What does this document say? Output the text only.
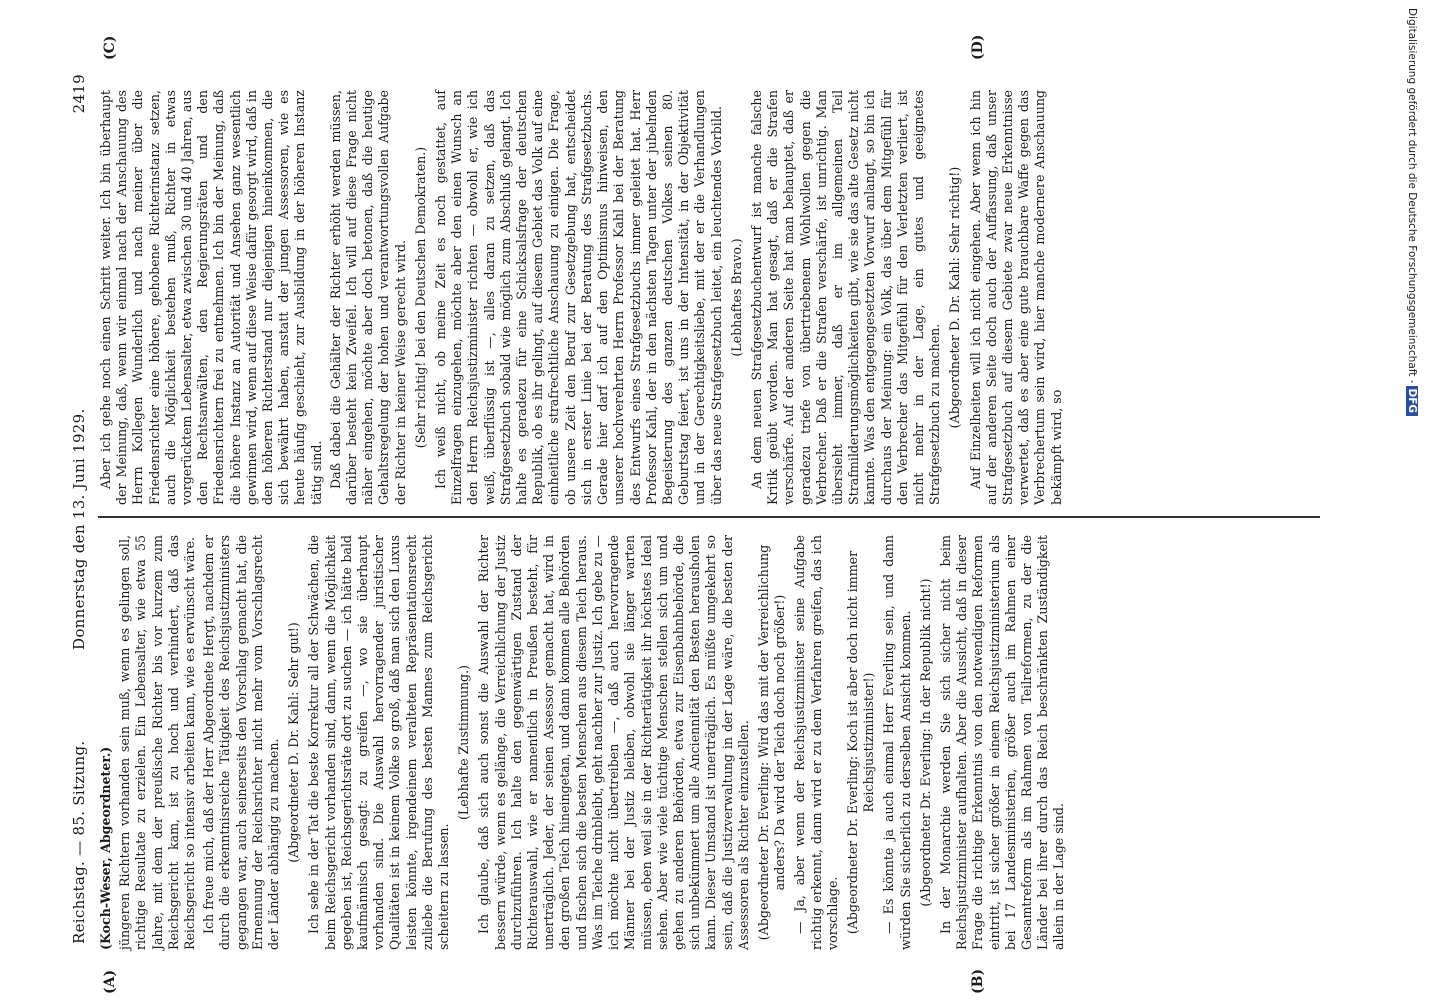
Reichstag. — 85. Sitzung.
Donnerstag den 13. Juni 1929.
2419
(A)	(B)
(C)	(D)

(Koch-Weser, Abgeordneter.) jüngeren Richtern vorhanden sein muß, wenn es gelingen soll, richtige Resultate zu erzielen. Ein Lebensalter, wie etwa 55 Jahre, mit dem der preußische Richter bis vor kurzem zum Reichsgericht kam, ist zu hoch und verhindert, daß das Reichsgericht so intensiv arbeiten kann, wie es erwünscht wäre. Ich freue mich, daß der Herr Abgeordnete Hergt, nachdem er durch die erkenntnisreiche Tätigkeit des Reichsjustizministers gegangen war, auch seinerseits den Vorschlag gemacht hat, die Ernennung der Reichsrichter nicht mehr vom Vorschlagsrecht der Länder abhängig zu machen. (Abgeordneter D. Dr. Kahl: Sehr gut!) Ich sehe in der Tat die beste Korrektur all der Schwächen, die beim Reichsgericht vorhanden sind, dann, wenn die Möglichkeit gegeben ist, Reichsgerichtsräte dort zu suchen — ich hätte bald kaufmännisch gesagt: zu greifen —, wo sie überhaupt vorhanden sind. Die Auswahl hervorragender juristischer Qualitäten ist in keinem Volke so groß, daß man sich den Luxus leisten könnte, irgendeinem veralteten Repräsentationsrecht zuliebe die Berufung des besten Mannes zum Reichsgericht scheitern zu lassen.

(Lebhafte Zustimmung.) Ich glaube, daß sich auch sonst die Auswahl der Richter bessern würde, wenn es gelänge, die Verreichlichung der Justiz durchzuführen. Ich halte den gegenwärtigen Zustand der Richterauswahl, wie er namentlich in Preußen besteht, für unerträglich. Jeder, der seinen Assessor gemacht hat, wird in den großen Teich hineingetan, und dann kommen alle Behörden und fischen sich die besten Menschen aus diesem Teich heraus. Was im Teiche drinbleibt, geht nachher zur Justiz. Ich gebe zu — ich möchte nicht übertreiben —, daß auch hervorragende Männer bei der Justiz bleiben, obwohl sie länger warten müssen, eben weil sie in der Richtertätigkeit ihr höchstes Ideal sehen. Aber wie viele tüchtige Menschen stellen sich um und gehen zu anderen Behörden, etwa zur Eisenbahnbehörde, die sich unbekümmert um alle Anciennität den Besten herausholen kann. Dieser Umstand ist unerträglich. Es müßte umgekehrt so sein, daß die Justizverwaltung in der Lage wäre, die besten der Assessoren als Richter einzustellen. (Abgeordneter Dr. Everling: Wird das mit der Verreichlichung anders? Da wird der Teich doch noch größer!) — Ja, aber wenn der Reichsjustizminister seine Aufgabe richtig erkennt, dann wird er zu dem Verfahren greifen, das ich vorschlage. (Abgeordneter Dr. Everling: Koch ist aber doch nicht immer Reichsjustizminister!) — Es könnte ja auch einmal Herr Everling sein, und dann würden Sie sicherlich zu derselben Ansicht kommen. (Abgeordneter Dr. Everling: In der Republik nicht!) In der Monarchie werden Sie sich sicher nicht beim Reichsjustizminister aufhalten. Aber die Aussicht, daß in dieser Frage die richtige Erkenntnis von den notwendigen Reformen eintritt, ist sicher größer in einem Reichsjustizministerium als bei 17 Landesministerien, größer auch im Rahmen einer Gesamtreform als im Rahmen von Teilreformen, zu der die Länder bei ihrer durch das Reich beschränkten Zuständigkeit allein in der Lage sind.

Aber ich gehe noch einen Schritt weiter. Ich bin überhaupt der Meinung, daß, wenn wir einmal nach der Anschauung des Herrn Kollegen Wunderlich und nach meiner über die Friedensrichter eine höhere, gehobene Richterinstanz setzen, auch die Möglichkeit bestehen muß, Richter in etwas vorgerücktem Lebensalter, etwa zwischen 30 und 40 Jahren, aus den Rechtsanwälten, den Regierungsräten und den Friedensrichtern frei zu entnehmen. Ich bin der Meinung, daß die höhere Instanz an Autorität und Ansehen ganz wesentlich gewinnen wird, wenn auf diese Weise dafür gesorgt wird, daß in den höheren Richterstand nur diejenigen hineinkommen, die sich bewährt haben, anstatt der jungen Assessoren, wie es heute häufig geschieht, zur Ausbildung in der höheren Instanz tätig sind. Daß dabei die Gehälter der Richter erhöht werden müssen, darüber besteht kein Zweifel. Ich will auf diese Frage nicht näher eingehen, möchte aber doch betonen, daß die heutige Gehaltsregelung der hohen und verantwortungsvollen Aufgabe der Richter in keiner Weise gerecht wird. (Sehr richtig! bei den Deutschen Demokraten.) Ich weiß nicht, ob meine Zeit es noch gestattet, auf Einzelfragen einzugehen, möchte aber den einen Wunsch an den Herrn Reichsjustizminister richten — obwohl er, wie ich weiß, überflüssig ist —, alles daran zu setzen, daß das Strafgesetzbuch sobald wie möglich zum Abschluß gelangt. Ich halte es geradezu für eine Schicksalsfrage der deutschen Republik, ob es ihr gelingt, auf diesem Gebiet das Volk auf eine einheitliche strafrechtliche Anschauung zu einigen. Die Frage, ob unsere Zeit den Beruf zur Gesetzgebung hat, entscheidet sich in erster Linie bei der Beratung des Strafgesetzbuchs. Gerade hier darf ich auf den Optimismus hinweisen, den unserer hochverehrten Herrn Professor Kahl bei der Beratung des Entwurfs eines Strafgesetzbuchs immer geleitet hat. Herr Professor Kahl, der in den nächsten Tagen unter der jubelnden Begeisterung des ganzen deutschen Volkes seinen 80. Geburtstag feiert, ist uns in der Intensität, in der Objektivität und in der Gerechtigkeitsliebe, mit der er die Verhandlungen über das neue Strafgesetzbuch leitet, ein leuchtendes Vorbild. (Lebhaftes Bravo.) An dem neuen Strafgesetzbuchentwurf ist manche falsche Kritik geübt worden. Man hat gesagt, daß er die Strafen verschärfe. Auf der anderen Seite hat man behauptet, daß er geradezu triefe von übertriebenem Wohlwollen gegen die Verbrecher. Daß er die Strafen verschärfe, ist unrichtig. Man übersieht immer, daß er im allgemeinen Teil Strafmilderungsmöglichkeiten gibt, wie sie das alte Gesetz nicht kannte. Was den entgegengesetzten Vorwurf anlangt, so bin ich durchaus der Meinung: ein Volk, das über dem Mitgefühl für den Verbrecher das Mitgefühl für den Verletzten verliert, ist nicht mehr in der Lage, ein gutes und geeignetes Strafgesetzbuch zu machen. (Abgeordneter D. Dr. Kahl: Sehr richtig!) Auf Einzelheiten will ich nicht eingehen. Aber wenn ich hin auf der anderen Seite doch auch der Auffassung, daß unser Strafgesetzbuch auf diesem Gebiete zwar neue Erkenntnisse verwertet, daß es aber eine gute brauchbare Waffe gegen das Verbrechertum sein wird, hier manche modernere Anschauung bekämpft wird, so

Digitalisierung gefördert durch die Deutsche Forschungsgemeinschaft -DFG
